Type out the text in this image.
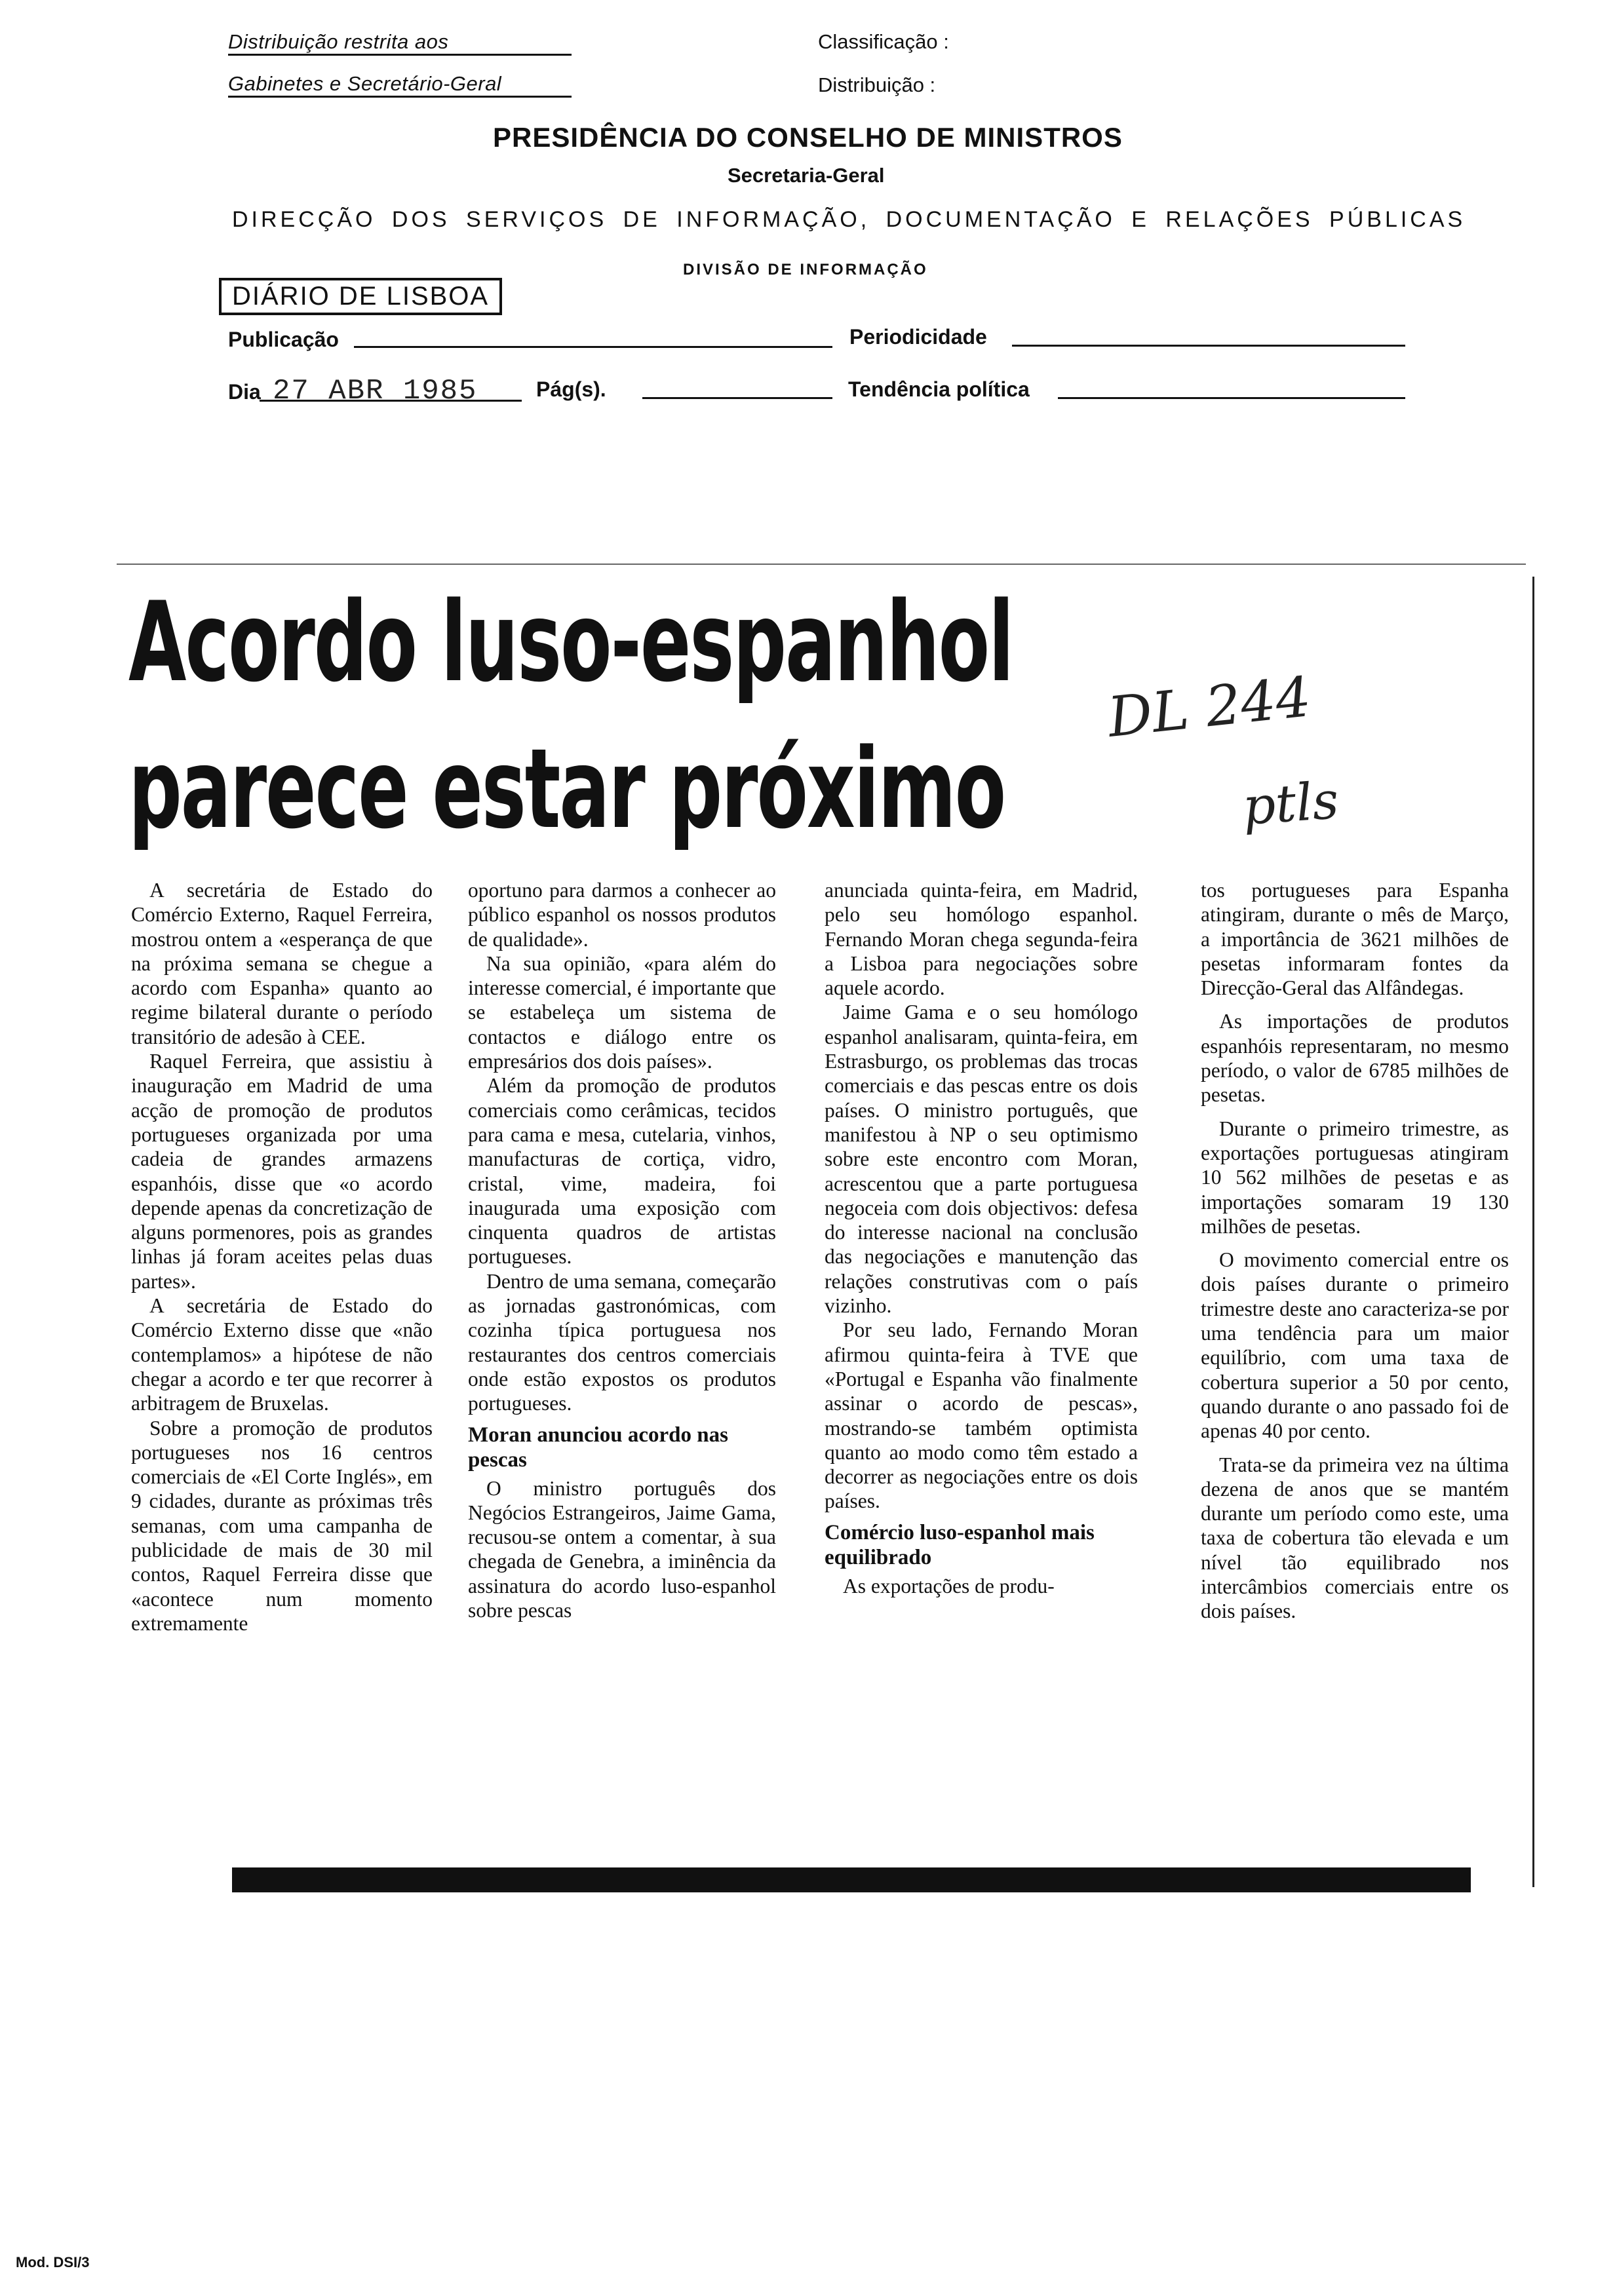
Distribuição restrita aos
Gabinetes e Secretário-Geral
Classificação :
Distribuição :
PRESIDÊNCIA DO CONSELHO DE MINISTROS
Secretaria-Geral
DIRECÇÃO DOS SERVIÇOS DE INFORMAÇÃO, DOCUMENTAÇÃO E RELAÇÕES PÚBLICAS
DIVISÃO DE INFORMAÇÃO
DIÁRIO DE LISBOA
Publicação	Periodicidade
Dia 27 ABR 1985	Pág(s).	Tendência política
Acordo luso-espanhol
parece estar próximo
DL 244
ptls

A secretária de Estado do Comércio Externo, Raquel Ferreira, mostrou ontem a «esperança de que na próxima semana se chegue a acordo com Espanha» quanto ao regime bilateral durante o período transitório de adesão à CEE.

Raquel Ferreira, que assistiu à inauguração em Madrid de uma acção de promoção de produtos portugueses organizada por uma cadeia de grandes armazens espanhóis, disse que «o acordo depende apenas da concretização de alguns pormenores, pois as grandes linhas já foram aceites pelas duas partes».

A secretária de Estado do Comércio Externo disse que «não contemplamos» a hipótese de não chegar a acordo e ter que recorrer à arbitragem de Bruxelas.

Sobre a promoção de produtos portugueses nos 16 centros comerciais de «El Corte Inglés», em 9 cidades, durante as próximas três semanas, com uma campanha de publicidade de mais de 30 mil contos, Raquel Ferreira disse que «acontece num momento extremamente

oportuno para darmos a conhecer ao público espanhol os nossos produtos de qualidade».

Na sua opinião, «para além do interesse comercial, é importante que se estabeleça um sistema de contactos e diálogo entre os empresários dos dois países».

Além da promoção de produtos comerciais como cerâmicas, tecidos para cama e mesa, cutelaria, vinhos, manufacturas de cortiça, vidro, cristal, vime, madeira, foi inaugurada uma exposição com cinquenta quadros de artistas portugueses.

Dentro de uma semana, começarão as jornadas gastronómicas, com cozinha típica portuguesa nos restaurantes dos centros comerciais onde estão expostos os produtos portugueses.

Moran anunciou acordo nas pescas

O ministro português dos Negócios Estrangeiros, Jaime Gama, recusou-se ontem a comentar, à sua chegada de Genebra, a iminência da assinatura do acordo luso-espanhol sobre pescas

anunciada quinta-feira, em Madrid, pelo seu homólogo espanhol. Fernando Moran chega segunda-feira a Lisboa para negociações sobre aquele acordo.

Jaime Gama e o seu homólogo espanhol analisaram, quinta-feira, em Estrasburgo, os problemas das trocas comerciais e das pescas entre os dois países. O ministro português, que manifestou à NP o seu optimismo sobre este encontro com Moran, acrescentou que a parte portuguesa negoceia com dois objectivos: defesa do interesse nacional na conclusão das negociações e manutenção das relações construtivas com o país vizinho.

Por seu lado, Fernando Moran afirmou quinta-feira à TVE que «Portugal e Espanha vão finalmente assinar o acordo de pescas», mostrando-se também optimista quanto ao modo como têm estado a decorrer as negociações entre os dois países.

Comércio luso-espanhol mais equilibrado

As exportações de produ-

tos portugueses para Espanha atingiram, durante o mês de Março, a importância de 3621 milhões de pesetas informaram fontes da Direcção-Geral das Alfândegas.

As importações de produtos espanhóis representaram, no mesmo período, o valor de 6785 milhões de pesetas.

Durante o primeiro trimestre, as exportações portuguesas atingiram 10 562 milhões de pesetas e as importações somaram 19 130 milhões de pesetas.

O movimento comercial entre os dois países durante o primeiro trimestre deste ano caracteriza-se por uma tendência para um maior equilíbrio, com uma taxa de cobertura superior a 50 por cento, quando durante o ano passado foi de apenas 40 por cento.

Trata-se da primeira vez na última dezena de anos que se mantém durante um período como este, uma taxa de cobertura tão elevada e um nível tão equilibrado nos intercâmbios comerciais entre os dois países.

Mod. DSI/3
